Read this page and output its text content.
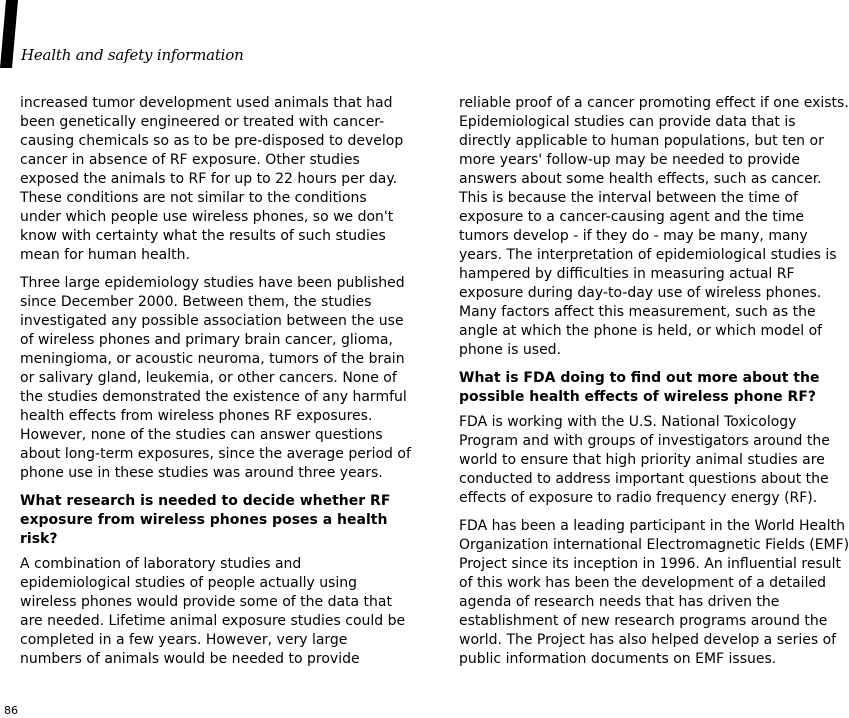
Health and safety information

increased tumor development used animals that had been genetically engineered or treated with cancer-causing chemicals so as to be pre-disposed to develop cancer in absence of RF exposure. Other studies exposed the animals to RF for up to 22 hours per day. These conditions are not similar to the conditions under which people use wireless phones, so we don't know with certainty what the results of such studies mean for human health.

Three large epidemiology studies have been published since December 2000. Between them, the studies investigated any possible association between the use of wireless phones and primary brain cancer, glioma, meningioma, or acoustic neuroma, tumors of the brain or salivary gland, leukemia, or other cancers. None of the studies demonstrated the existence of any harmful health effects from wireless phones RF exposures. However, none of the studies can answer questions about long-term exposures, since the average period of phone use in these studies was around three years.

What research is needed to decide whether RF exposure from wireless phones poses a health risk?

A combination of laboratory studies and epidemiological studies of people actually using wireless phones would provide some of the data that are needed. Lifetime animal exposure studies could be completed in a few years. However, very large numbers of animals would be needed to provide

reliable proof of a cancer promoting effect if one exists. Epidemiological studies can provide data that is directly applicable to human populations, but ten or more years' follow-up may be needed to provide answers about some health effects, such as cancer. This is because the interval between the time of exposure to a cancer-causing agent and the time tumors develop - if they do - may be many, many years. The interpretation of epidemiological studies is hampered by difficulties in measuring actual RF exposure during day-to-day use of wireless phones. Many factors affect this measurement, such as the angle at which the phone is held, or which model of phone is used.

What is FDA doing to find out more about the possible health effects of wireless phone RF?

FDA is working with the U.S. National Toxicology Program and with groups of investigators around the world to ensure that high priority animal studies are conducted to address important questions about the effects of exposure to radio frequency energy (RF).

FDA has been a leading participant in the World Health Organization international Electromagnetic Fields (EMF) Project since its inception in 1996. An influential result of this work has been the development of a detailed agenda of research needs that has driven the establishment of new research programs around the world. The Project has also helped develop a series of public information documents on EMF issues.

86
